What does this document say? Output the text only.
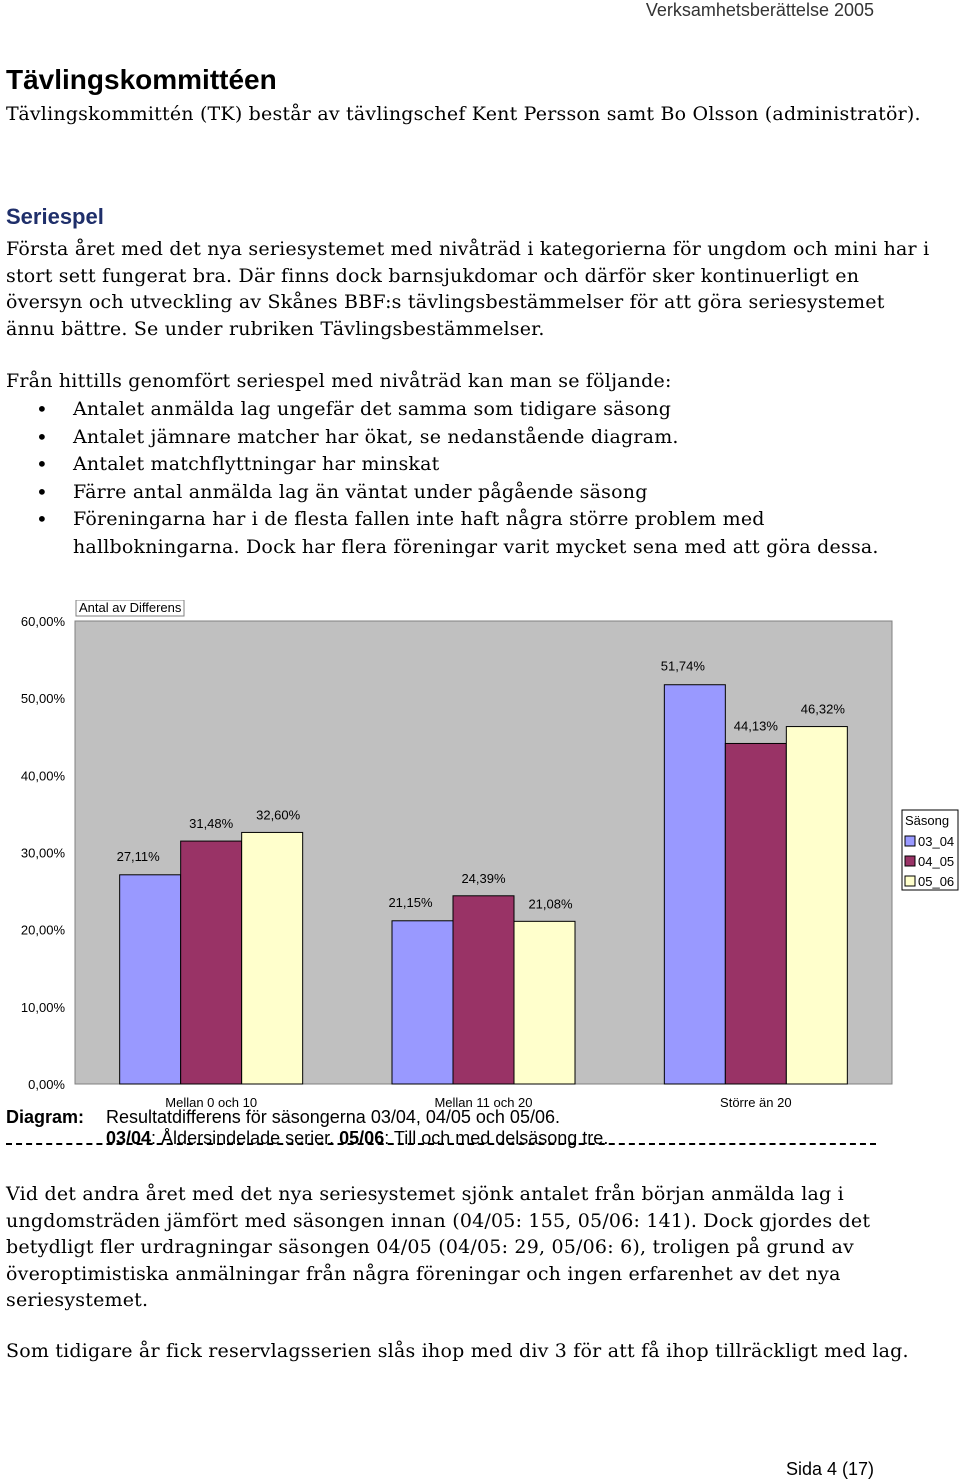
Verksamhetsberättelse 2005
Tävlingskommittéen
Tävlingskommittén (TK) består av tävlingschef Kent Persson samt Bo Olsson (administratör).
Seriespel
Första året med det nya seriesystemet med nivåträd i kategorierna för ungdom och mini har i stort sett fungerat bra. Där finns dock barnsjukdomar och därför sker kontinuerligt en översyn och utveckling av Skånes BBF:s tävlingsbestämmelser för att göra seriesystemet ännu bättre. Se under rubriken Tävlingsbestämmelser.
Från hittills genomfört seriespel med nivåträd kan man se följande:
• Antalet anmälda lag ungefär det samma som tidigare säsong
• Antalet jämnare matcher har ökat, se nedanstående diagram.
• Antalet matchflyttningar har minskat
• Färre antal anmälda lag än väntat under pågående säsong
• Föreningarna har i de flesta fallen inte haft några större problem med hallbokningarna. Dock har flera föreningar varit mycket sena med att göra dessa.
0,00%
10,00%
20,00%
30,00%
40,00%
50,00%
60,00%
Antal av Differens
27,11%
31,48%
32,60%
Mellan 0 och 10
21,15%
24,39%
21,08%
Mellan 11 och 20
51,74%
44,13%
46,32%
Större än 20
Säsong
03_04
04_05
05_06
Diagram: Resultatdifferens för säsongerna 03/04, 04/05 och 05/06.
03/04: Åldersindelade serier. 05/06: Till och med delsäsong tre.
Vid det andra året med det nya seriesystemet sjönk antalet från början anmälda lag i ungdomsträden jämfört med säsongen innan (04/05: 155, 05/06: 141). Dock gjordes det betydligt fler urdragningar säsongen 04/05 (04/05: 29, 05/06: 6), troligen på grund av överoptimistiska anmälningar från några föreningar och ingen erfarenhet av det nya seriesystemet.
Som tidigare år fick reservlagsserien slås ihop med div 3 för att få ihop tillräckligt med lag.
Sida 4 (17)
